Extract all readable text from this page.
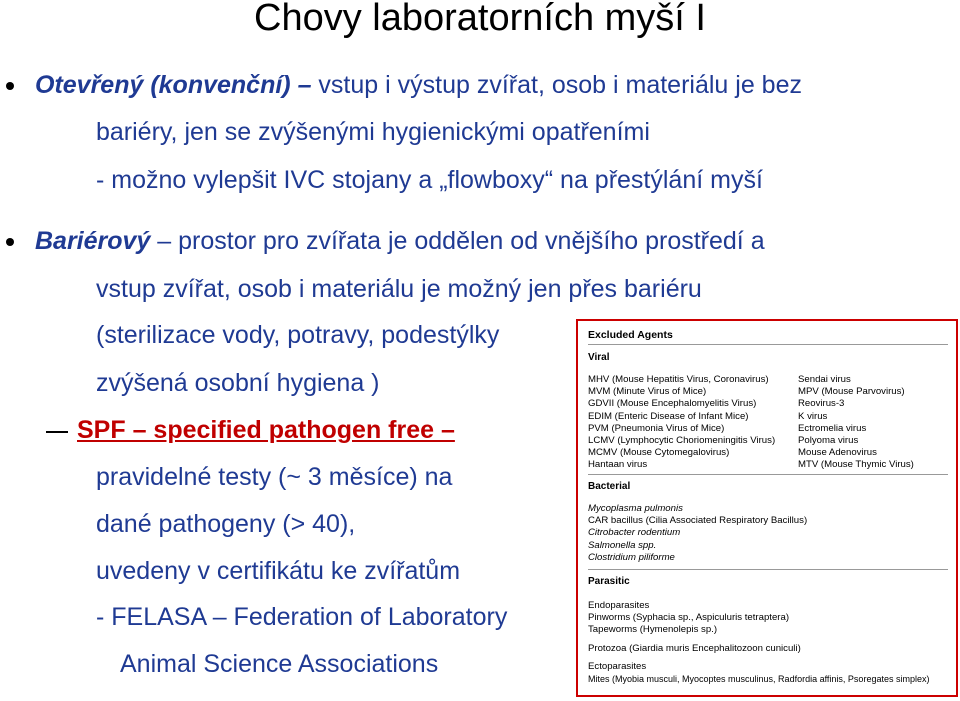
Chovy laboratorních myší I
Otevřený (konvenční) – vstup i výstup zvířat, osob i materiálu je bez
bariéry, jen se zvýšenými hygienickými opatřeními
- možno vylepšit IVC stojany a „flowboxy“ na přestýlání myší
Bariérový – prostor pro zvířata je oddělen od vnějšího prostředí a
vstup zvířat, osob i materiálu je možný jen přes bariéru
(sterilizace vody, potravy, podestýlky
zvýšená osobní hygiena )
SPF – specified pathogen free –
pravidelné testy (~ 3 měsíce) na
dané pathogeny (> 40),
uvedeny v certifikátu ke zvířatům
- FELASA – Federation of Laboratory
Animal Science Associations
Excluded Agents
Viral
MHV (Mouse Hepatitis Virus, Coronavirus)
MVM (Minute Virus of Mice)
GDVII (Mouse Encephalomyelitis Virus)
EDIM (Enteric Disease of Infant Mice)
PVM (Pneumonia Virus of Mice)
LCMV (Lymphocytic Choriomeningitis Virus)
MCMV (Mouse Cytomegalovirus)
Hantaan virus
Sendai virus
MPV (Mouse Parvovirus)
Reovirus-3
K virus
Ectromelia virus
Polyoma virus
Mouse Adenovirus
MTV (Mouse Thymic Virus)
Bacterial
Mycoplasma pulmonis
CAR bacillus (Cilia Associated Respiratory Bacillus)
Citrobacter rodentium
Salmonella spp.
Clostridium piliforme
Parasitic
Endoparasites
Pinworms (Syphacia sp., Aspiculuris tetraptera)
Tapeworms (Hymenolepis sp.)
Protozoa (Giardia muris Encephalitozoon cuniculi)
Ectoparasites
Mites (Myobia musculi, Myocoptes musculinus, Radfordia affinis, Psoregates simplex)
